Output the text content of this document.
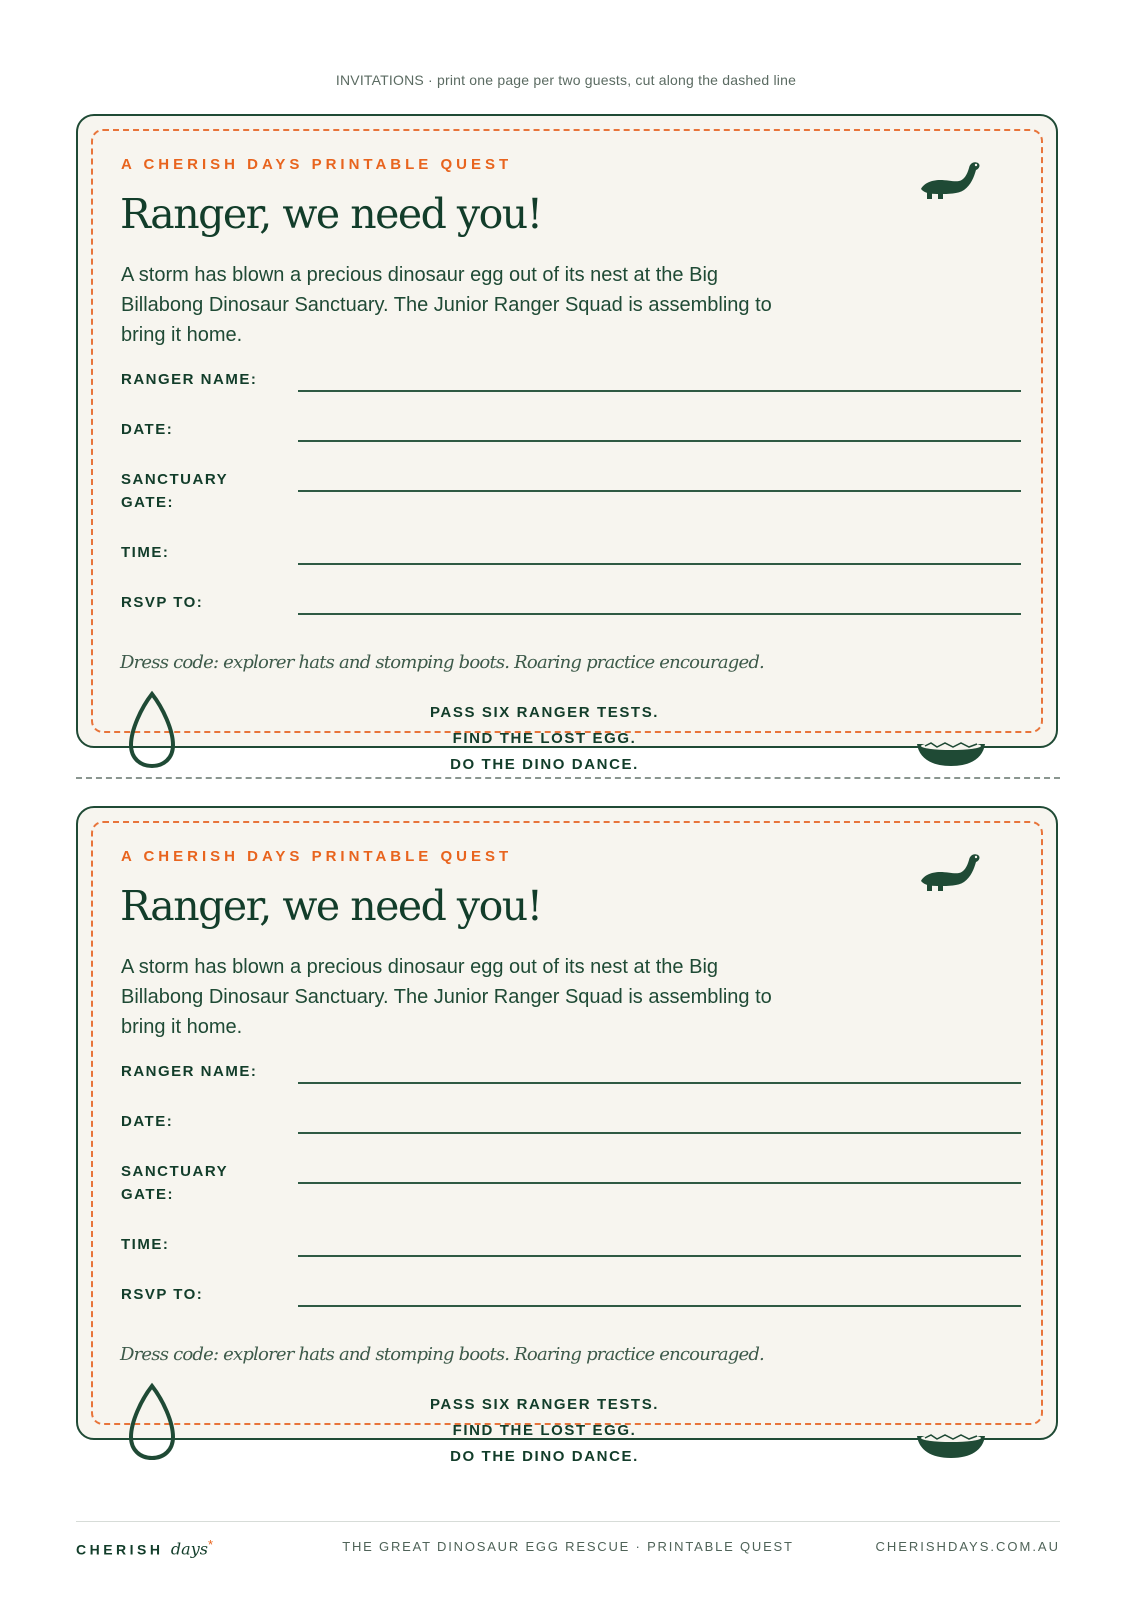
INVITATIONS · print one page per two guests, cut along the dashed line
A CHERISH DAYS PRINTABLE QUEST
Ranger, we need you!

A storm has blown a precious dinosaur egg out of its nest at the Big Billabong Dinosaur Sanctuary. The Junior Ranger Squad is assembling to bring it home.

RANGER NAME:
DATE:
SANCTUARY
GATE:
TIME:
RSVP TO:

Dress code: explorer hats and stomping boots. Roaring practice encouraged.

PASS SIX RANGER TESTS.
FIND THE LOST EGG.
DO THE DINO DANCE.
A CHERISH DAYS PRINTABLE QUEST
Ranger, we need you!

A storm has blown a precious dinosaur egg out of its nest at the Big Billabong Dinosaur Sanctuary. The Junior Ranger Squad is assembling to bring it home.

RANGER NAME:
DATE:
SANCTUARY
GATE:
TIME:
RSVP TO:

Dress code: explorer hats and stomping boots. Roaring practice encouraged.

PASS SIX RANGER TESTS.
FIND THE LOST EGG.
DO THE DINO DANCE.
CHERISH days*	THE GREAT DINOSAUR EGG RESCUE · PRINTABLE QUEST	CHERISHDAYS.COM.AU
